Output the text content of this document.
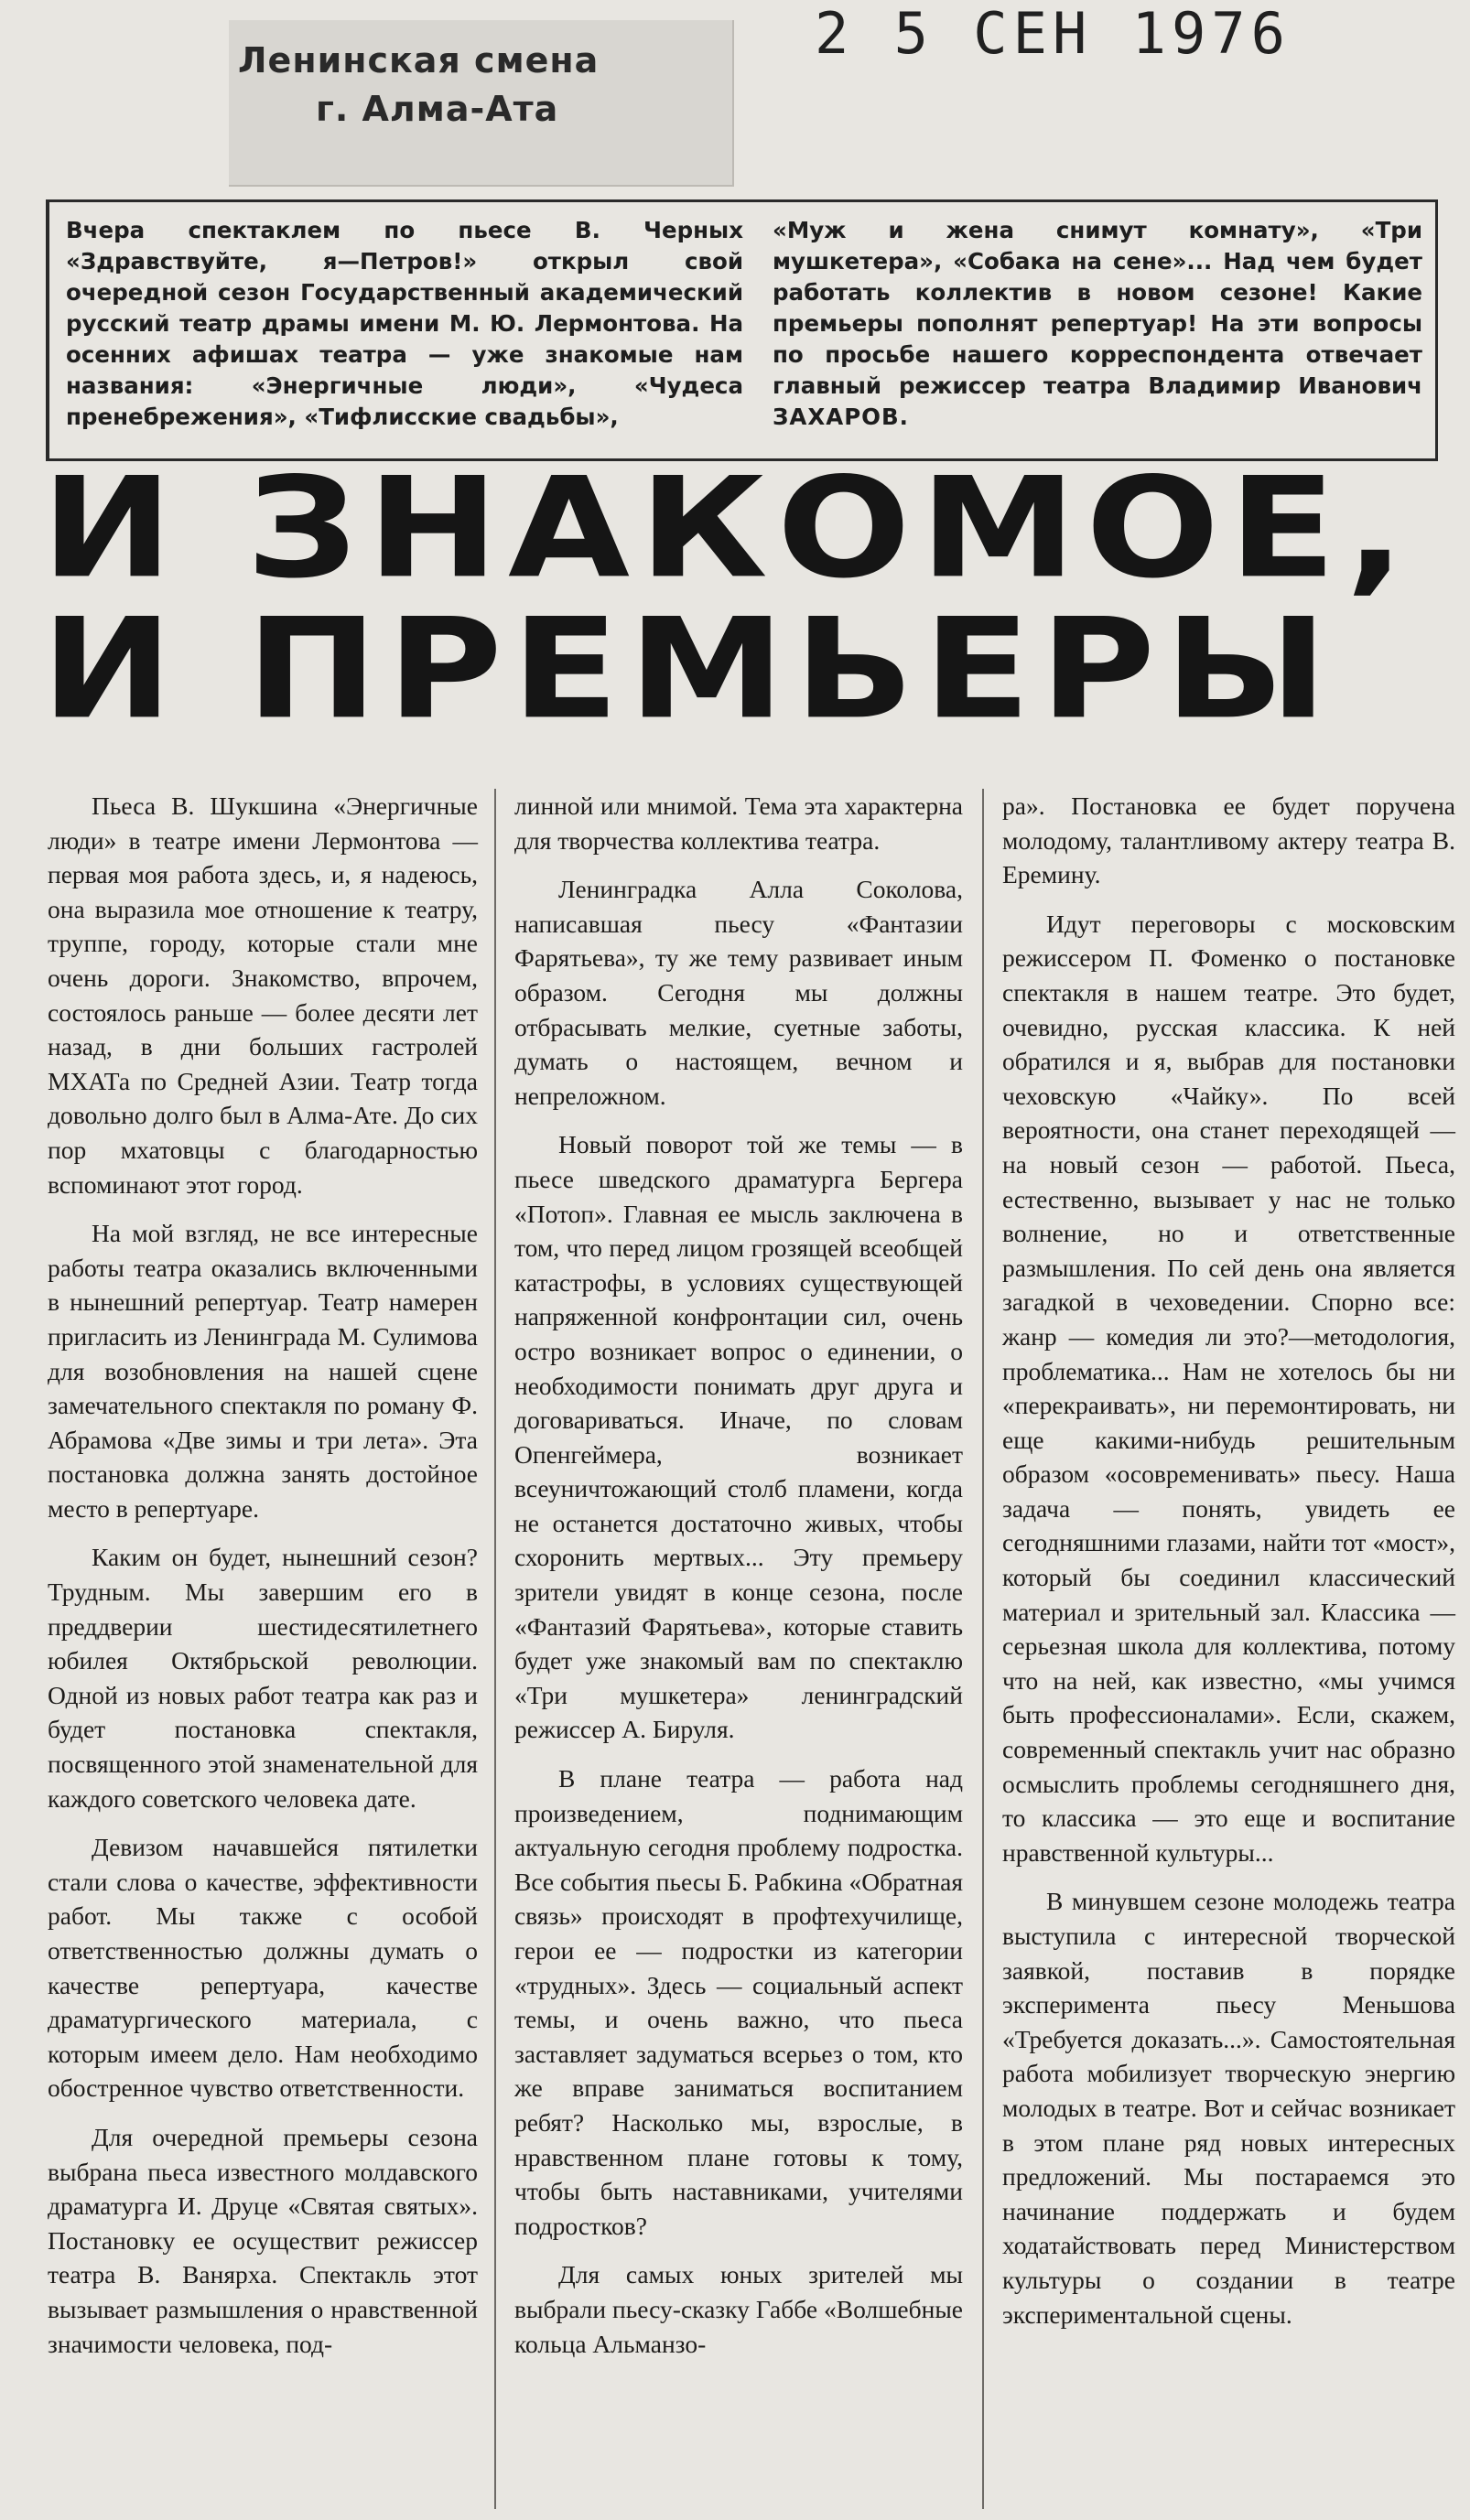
Ленинская смена
г. Алма-Ата
2 5 СЕН 1976
Вчера спектаклем по пьесе В. Черных «Здравствуйте, я—Петров!» открыл свой очередной сезон Государственный академический русский театр драмы имени М. Ю. Лермонтова. На осенних афишах театра — уже знакомые нам названия: «Энергичные люди», «Чудеса пренебрежения», «Тифлисские свадьбы»,
«Муж и жена снимут комнату», «Три мушкетера», «Собака на сене»... Над чем будет работать коллектив в новом сезоне! Какие премьеры пополнят репертуар! На эти вопросы по просьбе нашего корреспондента отвечает главный режиссер театра Владимир Иванович ЗАХАРОВ.
И ЗНАКОМОЕ,
И ПРЕМЬЕРЫ

Пьеса В. Шукшина «Энергичные люди» в театре имени Лермонтова — первая моя работа здесь, и, я надеюсь, она выразила мое отношение к театру, труппе, городу, которые стали мне очень дороги. Знакомство, впрочем, состоялось раньше — более десяти лет назад, в дни больших гастролей МХАТа по Средней Азии. Театр тогда довольно долго был в Алма-Ате. До сих пор мхатовцы с благодарностью вспоминают этот город.

На мой взгляд, не все интересные работы театра оказались включенными в нынешний репертуар. Театр намерен пригласить из Ленинграда М. Сулимова для возобновления на нашей сцене замечательного спектакля по роману Ф. Абрамова «Две зимы и три лета». Эта постановка должна занять достойное место в репертуаре.

Каким он будет, нынешний сезон? Трудным. Мы завершим его в преддверии шестидесятилетнего юбилея Октябрьской революции. Одной из новых работ театра как раз и будет постановка спектакля, посвященного этой знаменательной для каждого советского человека дате.

Девизом начавшейся пятилетки стали слова о качестве, эффективности работ. Мы также с особой ответственностью должны думать о качестве репертуара, качестве драматургического материала, с которым имеем дело. Нам необходимо обостренное чувство ответственности.

Для очередной премьеры сезона выбрана пьеса известного молдавского драматурга И. Друце «Святая святых». Постановку ее осуществит режиссер театра В. Ванярха. Спектакль этот вызывает размышления о нравственной значимости человека, под-

линной или мнимой. Тема эта характерна для творчества коллектива театра.

Ленинградка Алла Соколова, написавшая пьесу «Фантазии Фарятьева», ту же тему развивает иным образом. Сегодня мы должны отбрасывать мелкие, суетные заботы, думать о настоящем, вечном и непреложном.

Новый поворот той же темы — в пьесе шведского драматурга Бергера «Потоп». Главная ее мысль заключена в том, что перед лицом грозящей всеобщей катастрофы, в условиях существующей напряженной конфронтации сил, очень остро возникает вопрос о единении, о необходимости понимать друг друга и договариваться. Иначе, по словам Опенгеймера, возникает всеуничтожающий столб пламени, когда не останется достаточно живых, чтобы схоронить мертвых... Эту премьеру зрители увидят в конце сезона, после «Фантазий Фарятьева», которые ставить будет уже знакомый вам по спектаклю «Три мушкетера» ленинградский режиссер А. Бируля.

В плане театра — работа над произведением, поднимающим актуальную сегодня проблему подростка. Все события пьесы Б. Рабкина «Обратная связь» происходят в профтехучилище, герои ее — подростки из категории «трудных». Здесь — социальный аспект темы, и очень важно, что пьеса заставляет задуматься всерьез о том, кто же вправе заниматься воспитанием ребят? Насколько мы, взрослые, в нравственном плане готовы к тому, чтобы быть наставниками, учителями подростков?

Для самых юных зрителей мы выбрали пьесу-сказку Габбе «Волшебные кольца Альманзо-

ра». Постановка ее будет поручена молодому, талантливому актеру театра В. Еремину.

Идут переговоры с московским режиссером П. Фоменко о постановке спектакля в нашем театре. Это будет, очевидно, русская классика. К ней обратился и я, выбрав для постановки чеховскую «Чайку». По всей вероятности, она станет переходящей — на новый сезон — работой. Пьеса, естественно, вызывает у нас не только волнение, но и ответственные размышления. По сей день она является загадкой в чеховедении. Спорно все: жанр — комедия ли это?—методология, проблематика... Нам не хотелось бы ни «перекраивать», ни перемонтировать, ни еще какими-нибудь решительным образом «осовременивать» пьесу. Наша задача — понять, увидеть ее сегодняшними глазами, найти тот «мост», который бы соединил классический материал и зрительный зал. Классика — серьезная школа для коллектива, потому что на ней, как известно, «мы учимся быть профессионалами». Если, скажем, современный спектакль учит нас образно осмыслить проблемы сегодняшнего дня, то классика — это еще и воспитание нравственной культуры...

В минувшем сезоне молодежь театра выступила с интересной творческой заявкой, поставив в порядке эксперимента пьесу Меньшова «Требуется доказать...». Самостоятельная работа мобилизует творческую энергию молодых в театре. Вот и сейчас возникает в этом плане ряд новых интересных предложений. Мы постараемся это начинание поддержать и будем ходатайствовать перед Министерством культуры о создании в театре экспериментальной сцены.
